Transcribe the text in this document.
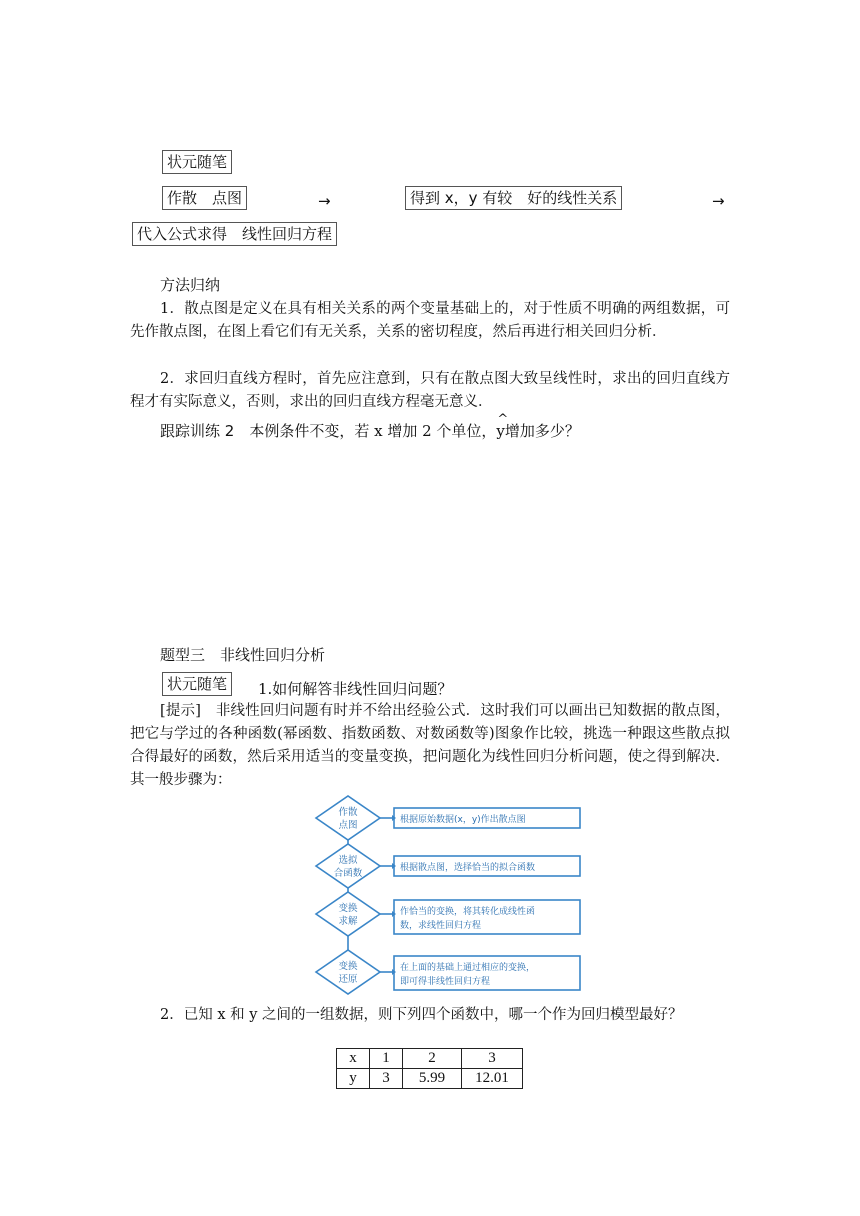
状元随笔
作散　点图	→	得到 x，y 有较　好的线性关系	→
代入公式求得　线性回归方程
方法归纳
1．散点图是定义在具有相关关系的两个变量基础上的，对于性质不明确的两组数据，可先作散点图，在图上看它们有无关系，关系的密切程度，然后再进行相关回归分析．
2．求回归直线方程时，首先应注意到，只有在散点图大致呈线性时，求出的回归直线方程才有实际意义，否则，求出的回归直线方程毫无意义．
跟踪训练 2　 本例条件不变，若 x 增加 2 个单位，^ y增加多少？
题型三　非线性回归分析
状元随笔	1.如何解答非线性回归问题？
[提示]　 非线性回归问题有时并不给出经验公式．这时我们可以画出已知数据的散点图，把它与学过的各种函数(幂函数、指数函数、对数函数等)图象作比较，挑选一种跟这些散点拟合得最好的函数，然后采用适当的变量变换，把问题化为线性回归分析问题，使之得到解决．其一般步骤为：
作散
点图
选拟
合函数
变换
求解
变换
还原
根据原始数据(x，y)作出散点图
根据散点图，选择恰当的拟合函数
作恰当的变换，将其转化成线性函
数，求线性回归方程
在上面的基础上通过相应的变换，
即可得非线性回归方程
2．已知 x 和 y 之间的一组数据，则下列四个函数中，哪一个作为回归模型最好？
x	1	2	3
y	3	5.99	12.01
